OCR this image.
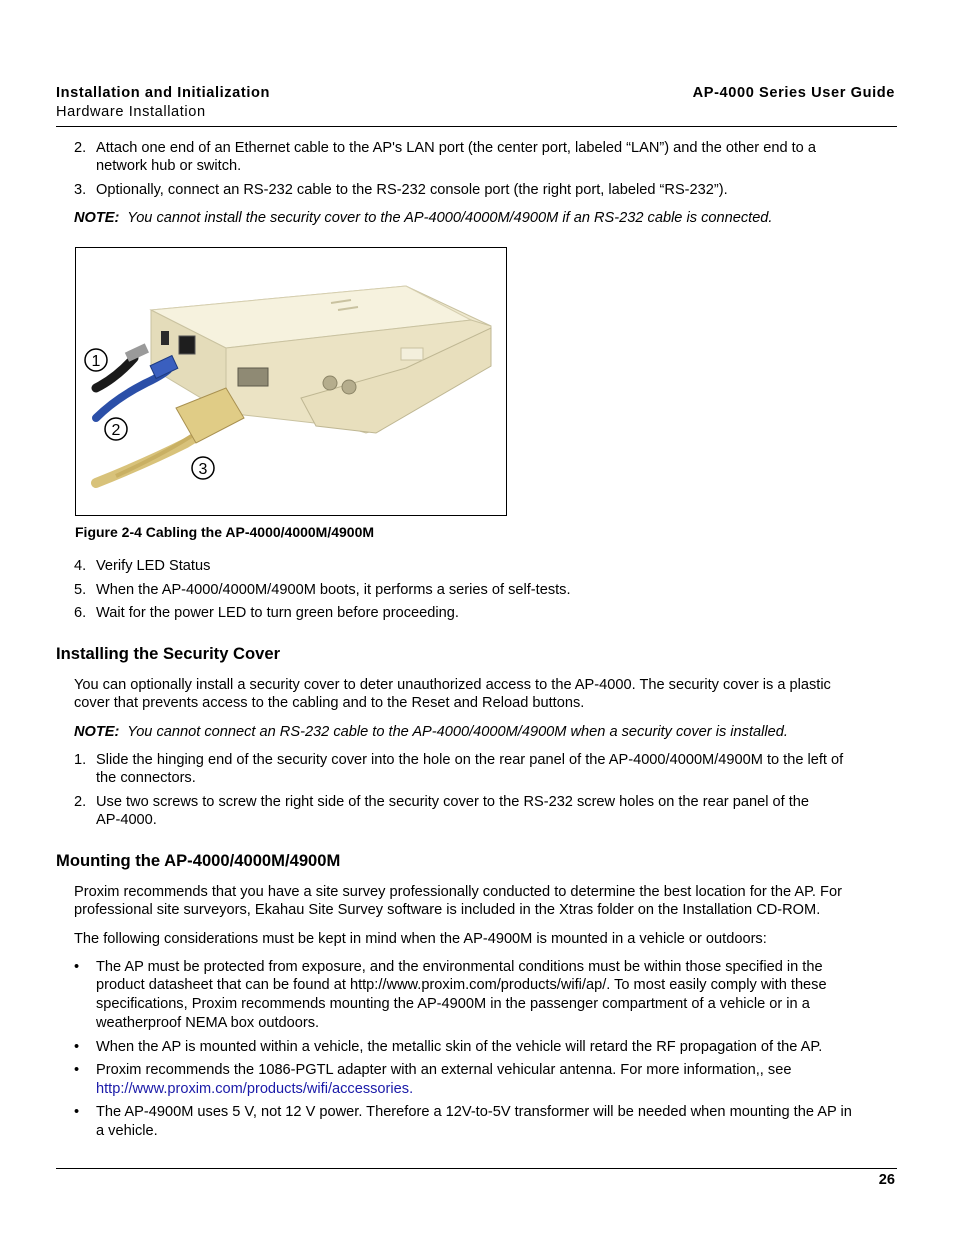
Installation and Initialization
Hardware Installation
AP-4000 Series User Guide
2. Attach one end of an Ethernet cable to the AP's LAN port (the center port, labeled “LAN”) and the other end to a
network hub or switch.
3. Optionally, connect an RS-232 cable to the RS-232 console port (the right port, labeled “RS-232”).
NOTE: You cannot install the security cover to the AP-4000/4000M/4900M if an RS-232 cable is connected.
1
2
3
Figure 2-4 Cabling the AP-4000/4000M/4900M
4. Verify LED Status
5. When the AP-4000/4000M/4900M boots, it performs a series of self-tests.
6. Wait for the power LED to turn green before proceeding.
Installing the Security Cover
You can optionally install a security cover to deter unauthorized access to the AP-4000. The security cover is a plastic
cover that prevents access to the cabling and to the Reset and Reload buttons.
NOTE: You cannot connect an RS-232 cable to the AP-4000/4000M/4900M when a security cover is installed.
1. Slide the hinging end of the security cover into the hole on the rear panel of the AP-4000/4000M/4900M to the left of
the connectors.
2. Use two screws to screw the right side of the security cover to the RS-232 screw holes on the rear panel of the
AP-4000.
Mounting the AP-4000/4000M/4900M
Proxim recommends that you have a site survey professionally conducted to determine the best location for the AP. For
professional site surveyors, Ekahau Site Survey software is included in the Xtras folder on the Installation CD-ROM.
The following considerations must be kept in mind when the AP-4900M is mounted in a vehicle or outdoors:
• The AP must be protected from exposure, and the environmental conditions must be within those specified in the
product datasheet that can be found at http://www.proxim.com/products/wifi/ap/. To most easily comply with these
specifications, Proxim recommends mounting the AP-4900M in the passenger compartment of a vehicle or in a
weatherproof NEMA box outdoors.
• When the AP is mounted within a vehicle, the metallic skin of the vehicle will retard the RF propagation of the AP.
• Proxim recommends the 1086-PGTL adapter with an external vehicular antenna. For more information,, see
http://www.proxim.com/products/wifi/accessories.
• The AP-4900M uses 5 V, not 12 V power. Therefore a 12V-to-5V transformer will be needed when mounting the AP in
a vehicle.
26
